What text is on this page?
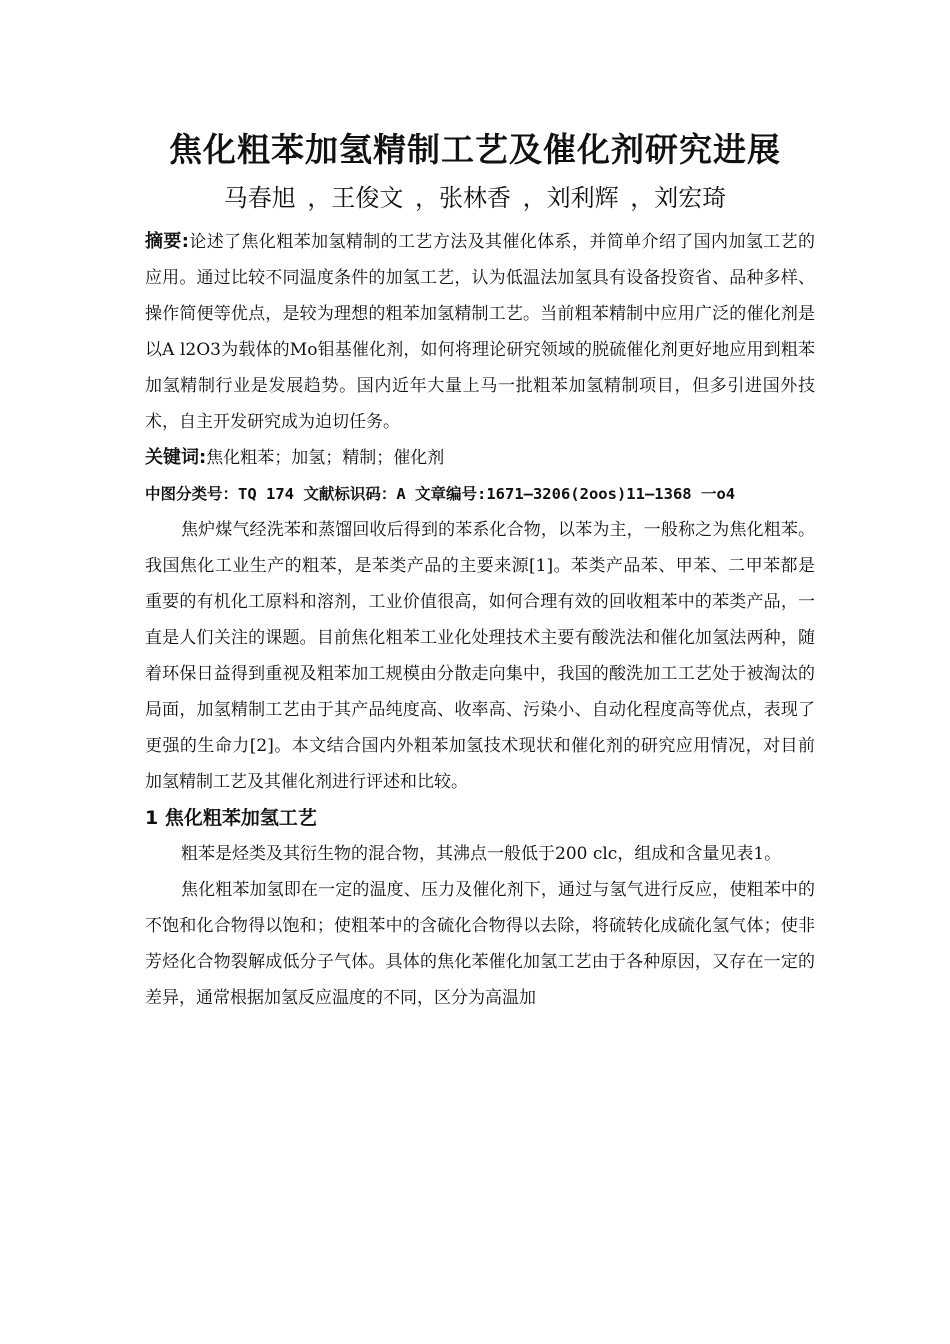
焦化粗苯加氢精制工艺及催化剂研究进展
马春旭 ，王俊文 ，张林香 ，刘利辉 ，刘宏琦

摘要:论述了焦化粗苯加氢精制的工艺方法及其催化体系，并简单介绍了国内加氢工艺的应用。通过比较不同温度条件的加氢工艺，认为低温法加氢具有设备投资省、品种多样、操作简便等优点，是较为理想的粗苯加氢精制工艺。当前粗苯精制中应用广泛的催化剂是以A l2O3为载体的Mo钼基催化剂，如何将理论研究领域的脱硫催化剂更好地应用到粗苯加氢精制行业是发展趋势。国内近年大量上马一批粗苯加氢精制项目，但多引进国外技术，自主开发研究成为迫切任务。

关键词:焦化粗苯；加氢；精制；催化剂

中图分类号：TQ 174 文献标识码：A 文章编号:1671—3206(2oos)11—1368 一o4

焦炉煤气经洗苯和蒸馏回收后得到的苯系化合物，以苯为主，一般称之为焦化粗苯。我国焦化工业生产的粗苯，是苯类产品的主要来源[1]。苯类产品苯、甲苯、二甲苯都是重要的有机化工原料和溶剂，工业价值很高，如何合理有效的回收粗苯中的苯类产品，一直是人们关注的课题。目前焦化粗苯工业化处理技术主要有酸洗法和催化加氢法两种，随着环保日益得到重视及粗苯加工规模由分散走向集中，我国的酸洗加工工艺处于被淘汰的局面，加氢精制工艺由于其产品纯度高、收率高、污染小、自动化程度高等优点，表现了更强的生命力[2]。本文结合国内外粗苯加氢技术现状和催化剂的研究应用情况，对目前加氢精制工艺及其催化剂进行评述和比较。

1 焦化粗苯加氢工艺

粗苯是烃类及其衍生物的混合物，其沸点一般低于200 clc，组成和含量见表1。

焦化粗苯加氢即在一定的温度、压力及催化剂下，通过与氢气进行反应，使粗苯中的不饱和化合物得以饱和；使粗苯中的含硫化合物得以去除，将硫转化成硫化氢气体；使非芳烃化合物裂解成低分子气体。具体的焦化苯催化加氢工艺由于各种原因，又存在一定的差异，通常根据加氢反应温度的不同，区分为高温加
